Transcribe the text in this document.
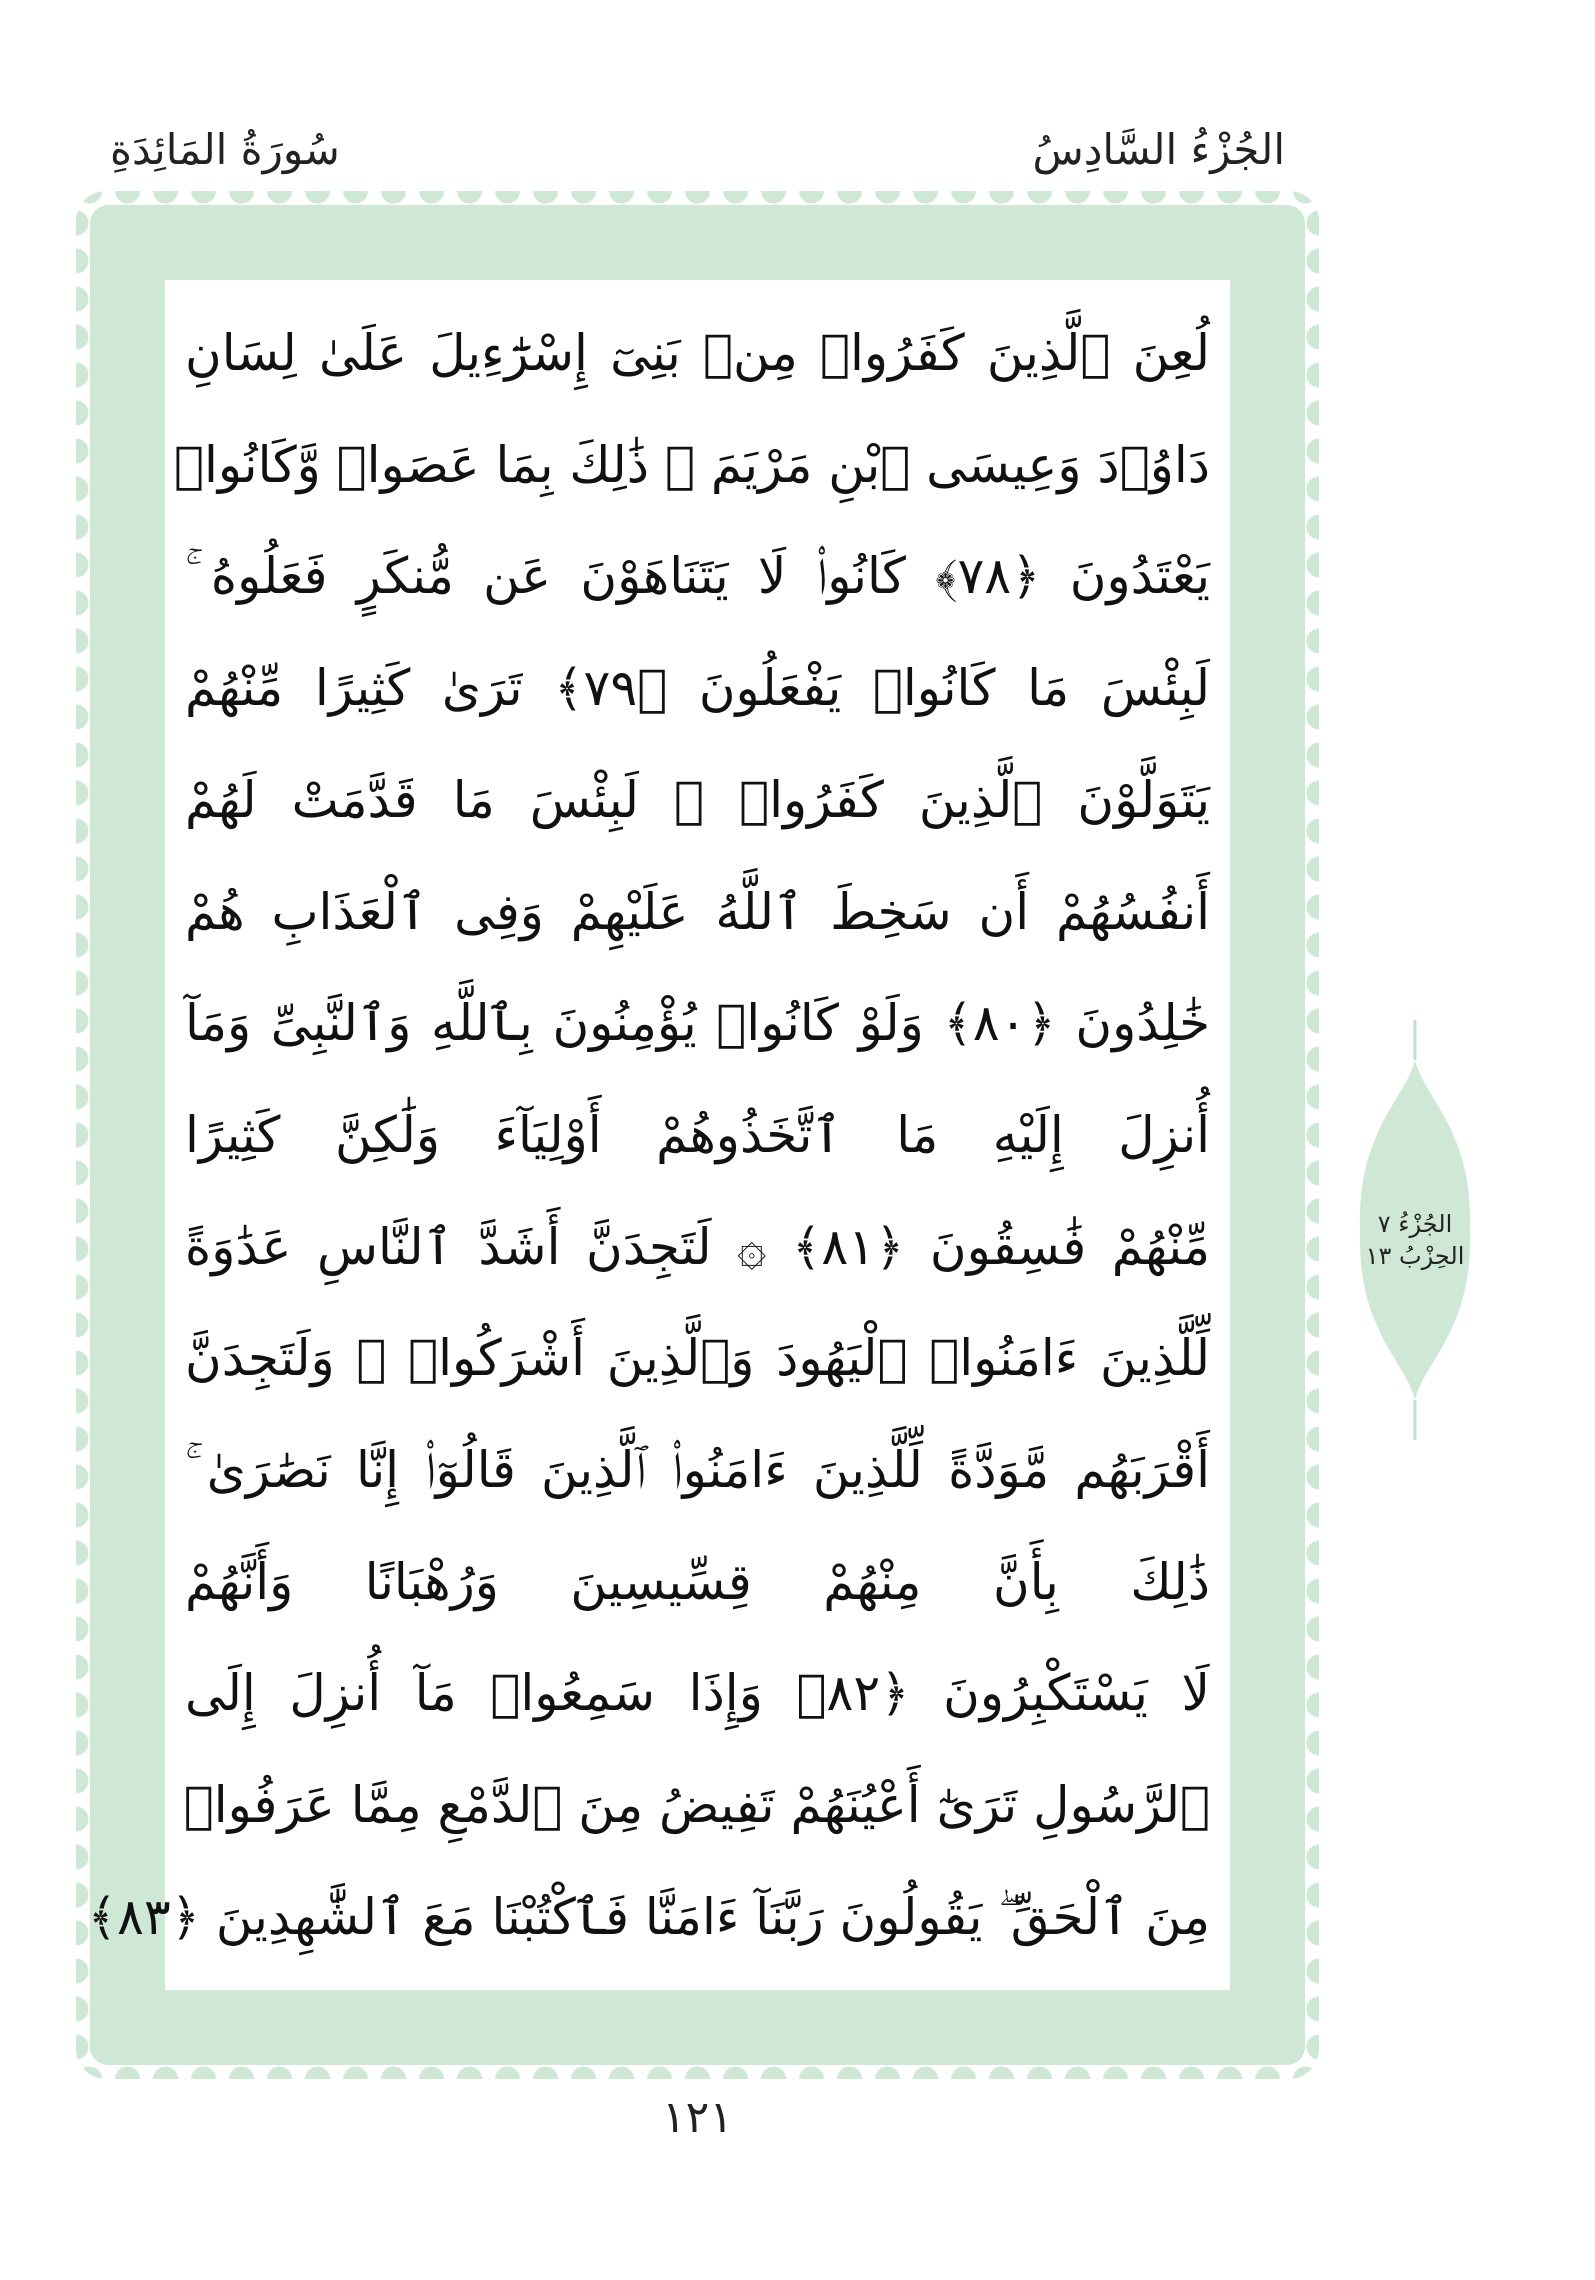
الجُزْءُ السَّادِسُ
سُورَةُ المَائِدَةِ
لُعِنَ ٱلَّذِينَ كَفَرُوا۟ مِنۢ بَنِىٓ إِسْرَٰٓءِيلَ عَلَىٰ لِسَانِ
دَاوُۥدَ وَعِيسَى ٱبْنِ مَرْيَمَ ۚ ذَٰلِكَ بِمَا عَصَوا۟ وَّكَانُوا۟
يَعْتَدُونَ ﴿٧٨﴾ كَانُوا۟ لَا يَتَنَاهَوْنَ عَن مُّنكَرٍ فَعَلُوهُ ۚ
لَبِئْسَ مَا كَانُوا۟ يَفْعَلُونَ ﴿٧٩﴾ تَرَىٰ كَثِيرًا مِّنْهُمْ
يَتَوَلَّوْنَ ٱلَّذِينَ كَفَرُوا۟ ۚ لَبِئْسَ مَا قَدَّمَتْ لَهُمْ
أَنفُسُهُمْ أَن سَخِطَ ٱللَّهُ عَلَيْهِمْ وَفِى ٱلْعَذَابِ هُمْ
خَٰلِدُونَ ﴿٨٠﴾ وَلَوْ كَانُوا۟ يُؤْمِنُونَ بِٱللَّهِ وَٱلنَّبِىِّ وَمَآ
أُنزِلَ إِلَيْهِ مَا ٱتَّخَذُوهُمْ أَوْلِيَآءَ وَلَٰكِنَّ كَثِيرًا
مِّنْهُمْ فَٰسِقُونَ ﴿٨١﴾ ۞ لَتَجِدَنَّ أَشَدَّ ٱلنَّاسِ عَدَٰوَةً
لِّلَّذِينَ ءَامَنُوا۟ ٱلْيَهُودَ وَٱلَّذِينَ أَشْرَكُوا۟ ۖ وَلَتَجِدَنَّ
أَقْرَبَهُم مَّوَدَّةً لِّلَّذِينَ ءَامَنُوا۟ ٱلَّذِينَ قَالُوٓا۟ إِنَّا نَصَٰرَىٰ ۚ
ذَٰلِكَ بِأَنَّ مِنْهُمْ قِسِّيسِينَ وَرُهْبَانًا وَأَنَّهُمْ
لَا يَسْتَكْبِرُونَ ﴿٨٢﴾ وَإِذَا سَمِعُوا۟ مَآ أُنزِلَ إِلَى
ٱلرَّسُولِ تَرَىٰٓ أَعْيُنَهُمْ تَفِيضُ مِنَ ٱلدَّمْعِ مِمَّا عَرَفُوا۟
مِنَ ٱلْحَقِّ ۖ يَقُولُونَ رَبَّنَآ ءَامَنَّا فَٱكْتُبْنَا مَعَ ٱلشَّٰهِدِينَ ﴿٨٣﴾
الجُزْءُ ٧
الحِزْبُ ١٣
١٢١
